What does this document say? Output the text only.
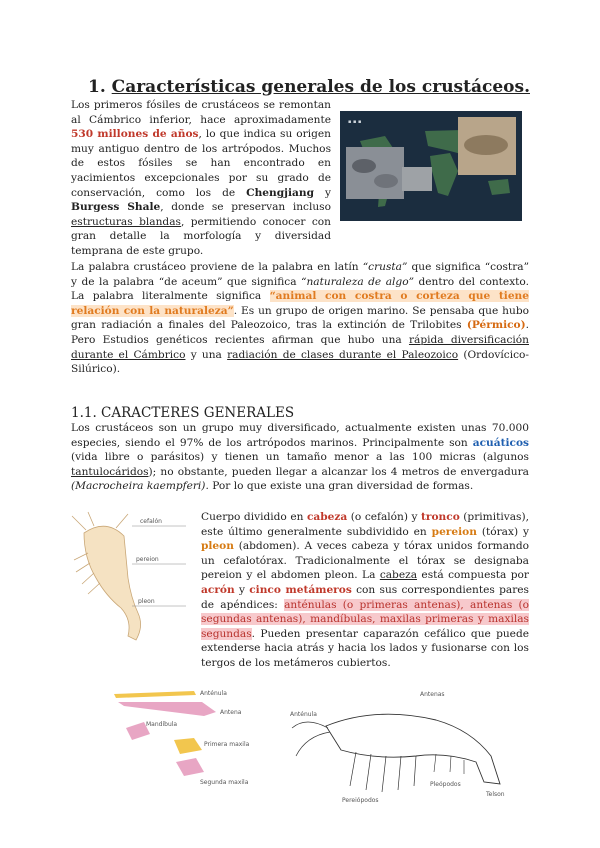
1. Características generales de los crustáceos.
Los primeros fósiles de crustáceos se remontan al Cámbrico inferior, hace aproximadamente 530 millones de años, lo que indica su origen muy antiguo dentro de los artrópodos. Muchos de estos fósiles se han encontrado en yacimientos excepcionales por su grado de conservación, como los de Chengjiang y Burgess Shale, donde se preservan incluso estructuras blandas, permitiendo conocer con gran detalle la morfología y diversidad temprana de este grupo.
▪ ▪ ▪
La palabra crustáceo proviene de la palabra en latín “crusta” que significa “costra” y de la palabra “de aceum” que significa “naturaleza de algo” dentro del contexto. La palabra literalmente significa “animal con costra o corteza que tiene relación con la naturaleza”. Es un grupo de origen marino. Se pensaba que hubo gran radiación a finales del Paleozoico, tras la extinción de Trilobites (Pérmico). Pero Estudios genéticos recientes afirman que hubo una rápida diversificación durante el Cámbrico y una radiación de clases durante el Paleozoico (Ordovícico-Silúrico).
1.1. CARACTERES GENERALES
Los crustáceos son un grupo muy diversificado, actualmente existen unas 70.000 especies, siendo el 97% de los artrópodos marinos. Principalmente son acuáticos (vida libre o parásitos) y tienen un tamaño menor a las 100 micras (algunos tantulocáridos); no obstante, pueden llegar a alcanzar los 4 metros de envergadura (Macrocheira kaempferi). Por lo que existe una gran diversidad de formas.
cefalón
pereion
pleon
Cuerpo dividido en cabeza (o cefalón) y tronco (primitivas), este último generalmente subdividido en pereion (tórax) y pleon (abdomen). A veces cabeza y tórax unidos formando un cefalotórax. Tradicionalmente el tórax se designaba pereion y el abdomen pleon. La cabeza está compuesta por acrón y cinco metámeros con sus correspondientes pares de apéndices: anténulas (o primeras antenas), antenas (o segundas antenas), mandíbulas, maxilas primeras y maxilas segundas. Pueden presentar caparazón cefálico que puede extenderse hacia atrás y hacia los lados y fusionarse con los tergos de los metámeros cubiertos.
Anténula
Antena
Mandíbula
Primera maxila
Segunda maxila
Antenas
Anténula
Pereiópodos
Pleópodos
Telson
